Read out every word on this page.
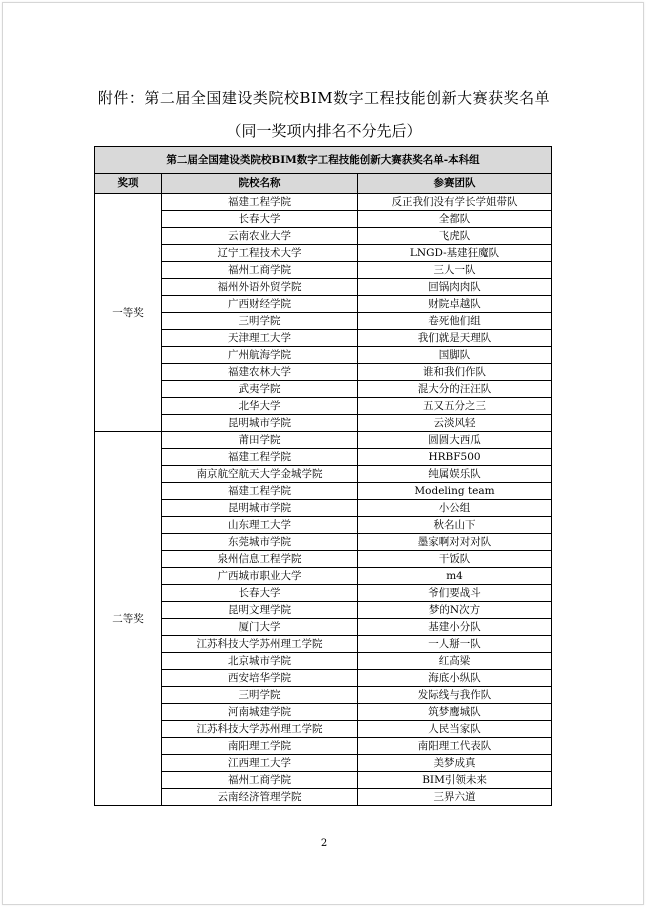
附件：第二届全国建设类院校BIM数字工程技能创新大赛获奖名单
（同一奖项内排名不分先后）
第二届全国建设类院校BIM数字工程技能创新大赛获奖名单-本科组		
奖项	院校名称	参赛团队
一等奖	福建工程学院	反正我们没有学长学姐带队
	长春大学	全都队
	云南农业大学	飞虎队
	辽宁工程技术大学	LNGD-基建狂魔队
	福州工商学院	三人一队
	福州外语外贸学院	回锅肉肉队
	广西财经学院	财院卓越队
	三明学院	卷死他们组
	天津理工大学	我们就是天理队
	广州航海学院	国脚队
	福建农林大学	谁和我们作队
	武夷学院	混大分的汪汪队
	北华大学	五又五分之三
	昆明城市学院	云淡风轻
二等奖	莆田学院	圆圆大西瓜
	福建工程学院	HRBF500
	南京航空航天大学金城学院	纯属娱乐队
	福建工程学院	Modeling team
	昆明城市学院	小公组
	山东理工大学	秋名山下
	东莞城市学院	墨家啊对对对队
	泉州信息工程学院	干饭队
	广西城市职业大学	m4
	长春大学	爷们要战斗
	昆明文理学院	梦的N次方
	厦门大学	基建小分队
	江苏科技大学苏州理工学院	一人掰一队
	北京城市学院	红高梁
	西安培华学院	海底小纵队
	三明学院	发际线与我作队
	河南城建学院	筑梦鹰城队
	江苏科技大学苏州理工学院	人民当家队
	南阳理工学院	南阳理工代表队
	江西理工大学	美梦成真
	福州工商学院	BIM引领未来
	云南经济管理学院	三界六道
2
